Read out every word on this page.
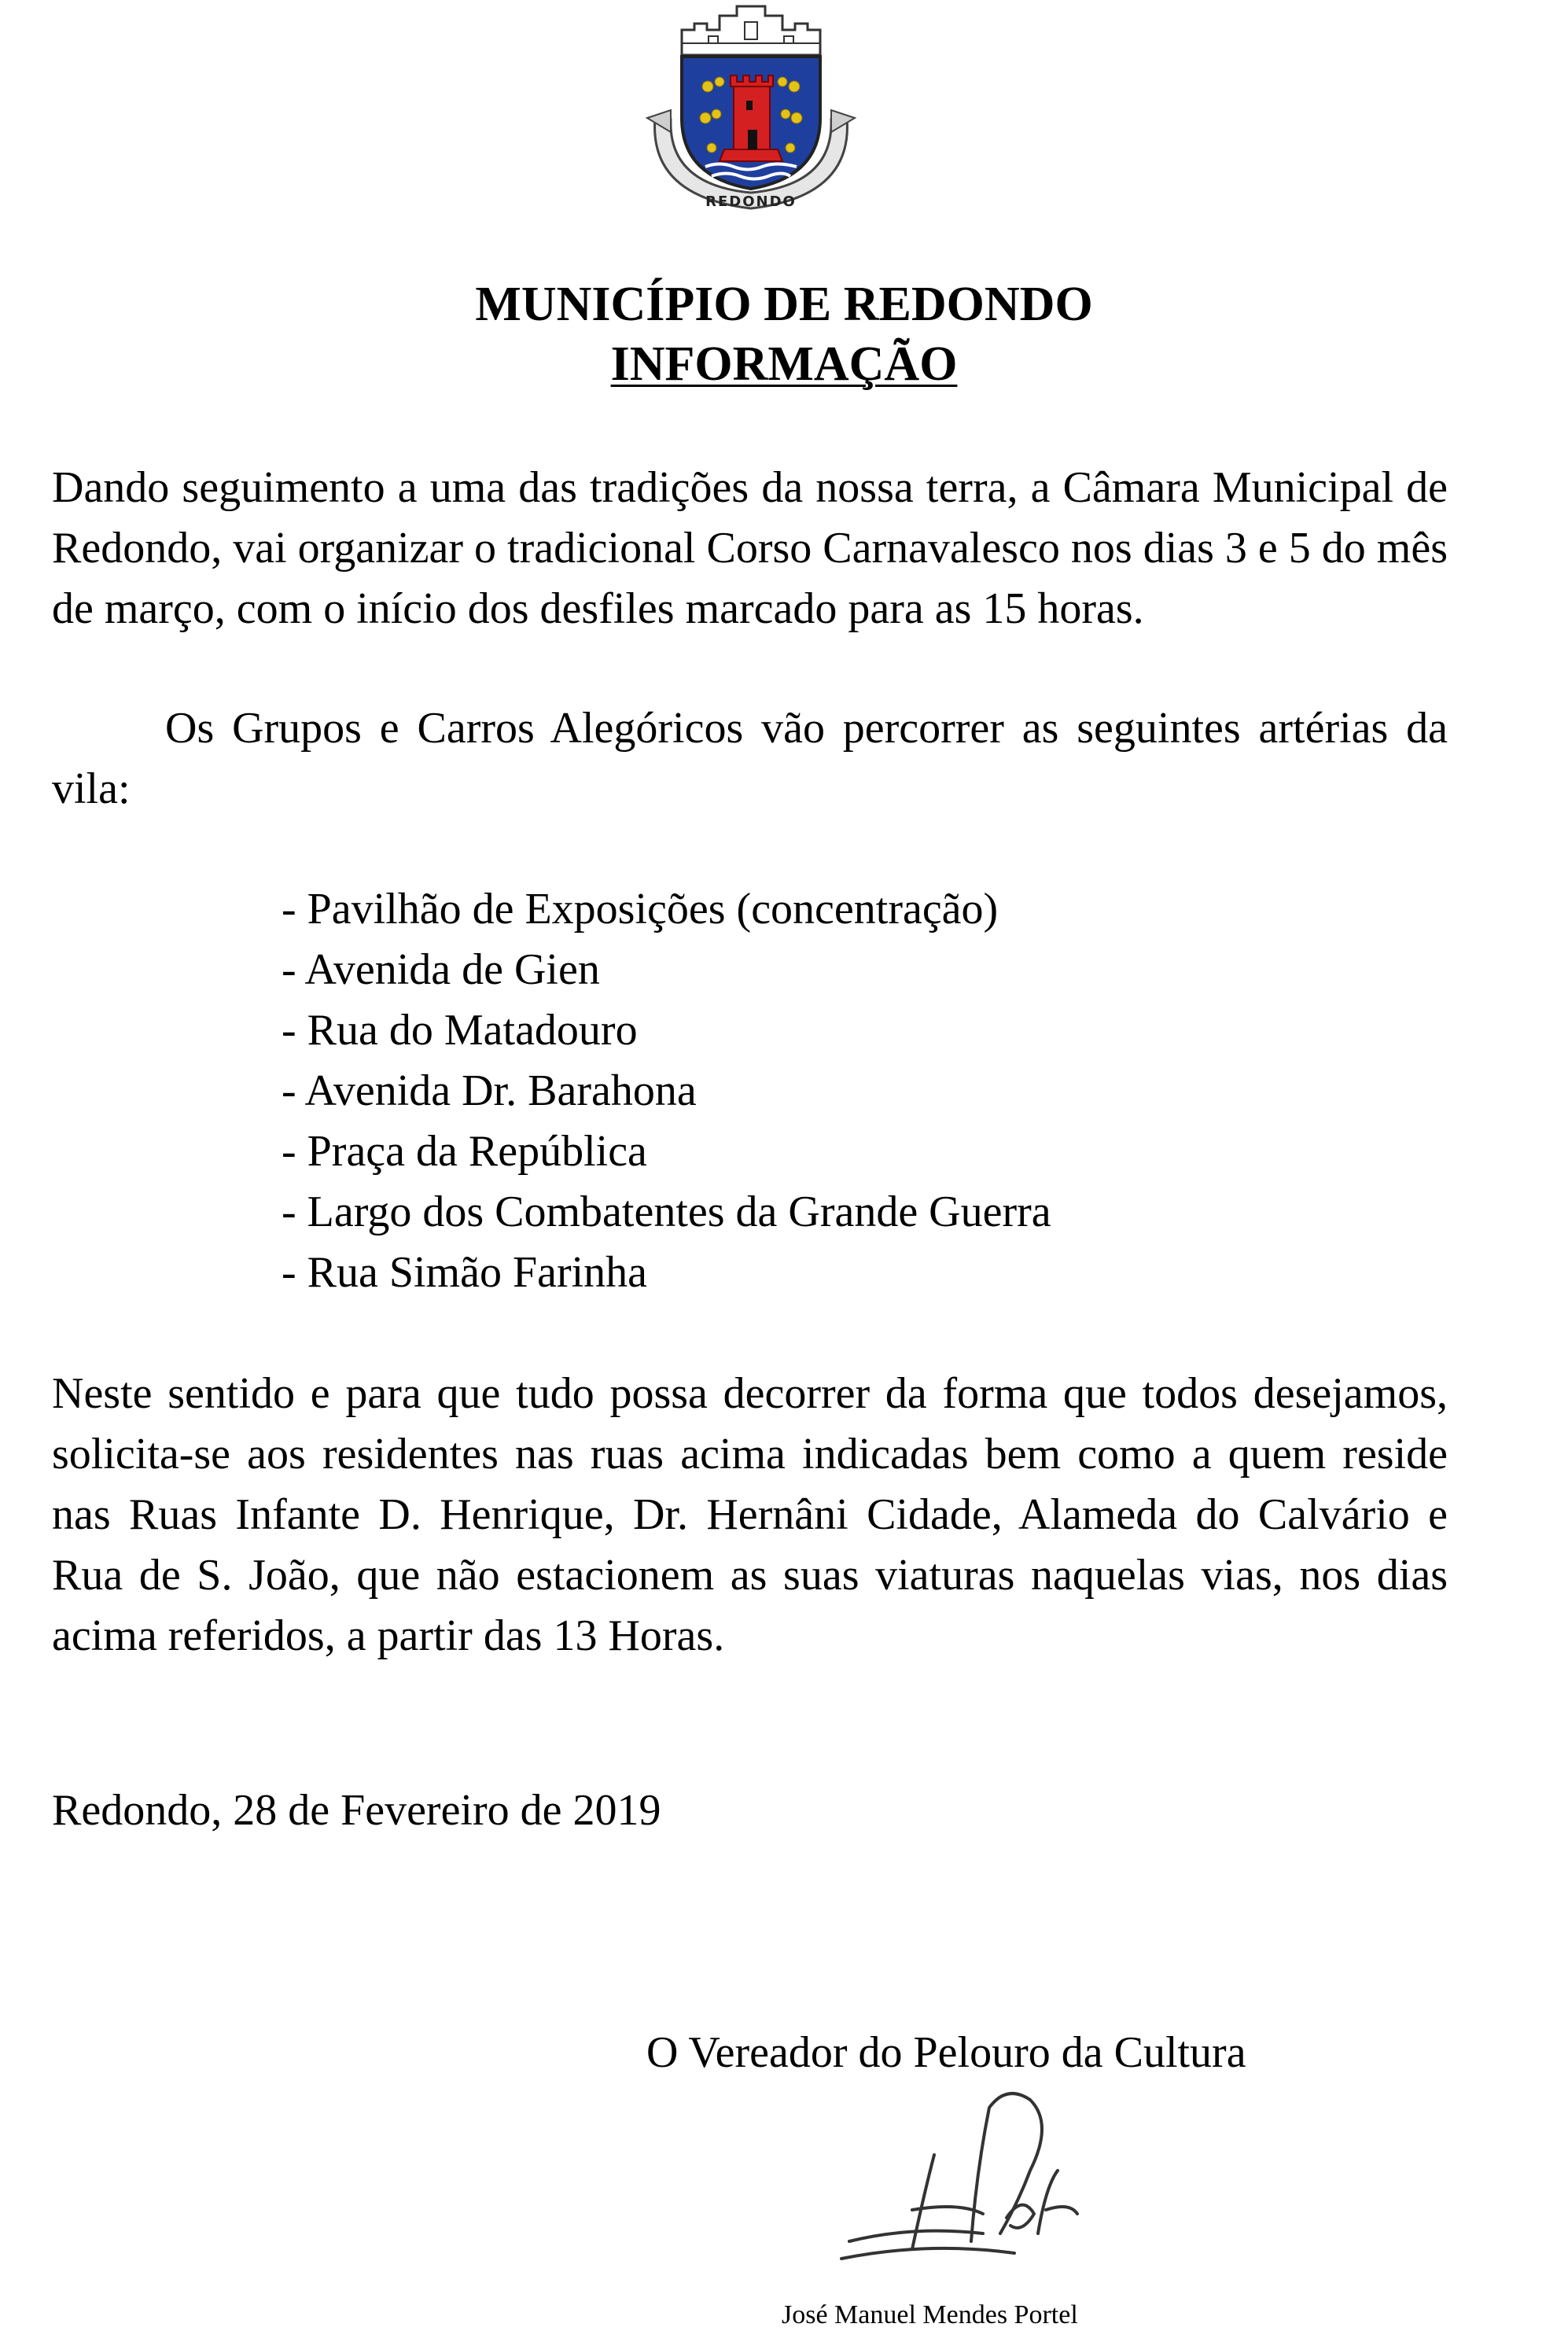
REDONDO
MUNICÍPIO DE REDONDO
INFORMAÇÃO
Dando seguimento a uma das tradições da nossa terra, a Câmara Municipal de Redondo, vai organizar o tradicional Corso Carnavalesco nos dias 3 e 5 do mês de março, com o início dos desfiles marcado para as 15 horas.
Os Grupos e Carros Alegóricos vão percorrer as seguintes artérias da vila:
- Pavilhão de Exposições (concentração)
- Avenida de Gien
- Rua do Matadouro
- Avenida Dr. Barahona
- Praça da República
- Largo dos Combatentes da Grande Guerra
- Rua Simão Farinha
Neste sentido e para que tudo possa decorrer da forma que todos desejamos, solicita-se aos residentes nas ruas acima indicadas bem como a quem reside nas Ruas Infante D. Henrique, Dr. Hernâni Cidade, Alameda do Calvário e Rua de S. João, que não estacionem as suas viaturas naquelas vias, nos dias acima referidos, a partir das 13 Horas.
Redondo, 28 de Fevereiro de 2019
O Vereador do Pelouro da Cultura
José Manuel Mendes Portel
